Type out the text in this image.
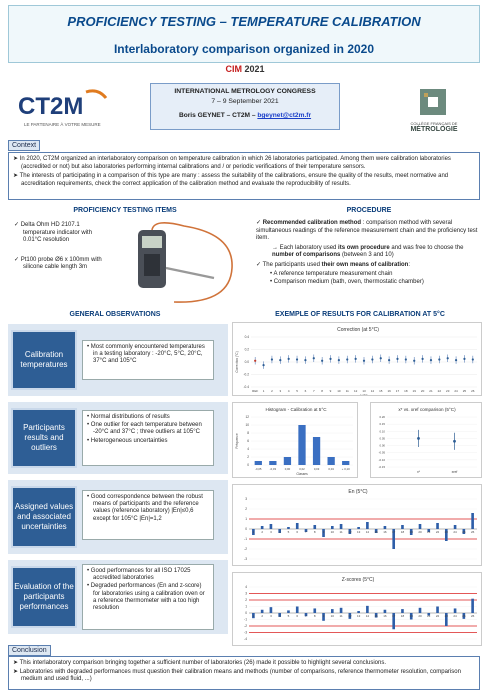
PROFICIENCY TESTING – TEMPERATURE CALIBRATION
Interlaboratory comparison organized in 2020
CIM 2021
CT2M
LE PARTENAIRE À VOTRE MESURE
INTERNATIONAL METROLOGY CONGRESS
7 – 9 September 2021
Boris GEYNET – CT2M – bgeynet@ct2m.fr
COLLÈGE FRANÇAIS DE
MÉTROLOGIE
Context

➤ In 2020, CT2M organized an interlaboratory comparison on temperature calibration in which 26 laboratories participated. Among them were calibration laboratories (accredited or not) but also laboratories performing internal calibrations and / or periodic verifications of their temperature sensors.

➤ The interests of participating in a comparison of this type are many : assess the suitability of the calibrations, ensure the quality of the results, meet normative and accreditation requirements, check the correct application of the calibration method and evaluate the reproducibility of results.

PROFICIENCY TESTING ITEMS

✓ Delta Ohm HD 2107.1 temperature indicator with 0.01°C resolution

✓ Pt100 probe Ø6 x 100mm with silicone cable length 3m

PROCEDURE

✓ Recommended calibration method : comparison method with several simultaneous readings of the reference measurement chain and the proficiency test item.

→ Each laboratory used its own procedure and was free to choose the number of comparisons (between 3 and 10)

✓ The participants used their own means of calibration:

• A reference temperature measurement chain

• Comparison medium (bath, oven, thermostatic chamber)

GENERAL OBSERVATIONS
Calibration temperatures

• Most commonly encountered temperatures in a testing laboratory : -20°C, 5°C, 20°C, 37°C and 105°C

Participants results and outliers

• Normal distributions of results

• One outlier for each temperature between -20°C and 37°C ; three outliers at 105°C

• Heterogeneous uncertainties

Assigned values and associated uncertainties

• Good correspondence between the robust means of participants and the reference values (reference laboratory) |En|≤0,6 except for 105°C |En|=1,2

Evaluation of the participants performances

• Good performances for all ISO 17025 accredited laboratories

• Degraded performances (En and z-score) for laboratories using a calibration oven or a reference thermometer with a too high resolution

EXEMPLE OF RESULTS FOR CALIBRATION AT 5°C
Correction (at 5°C)
-0.4
-0.2
0.0
0.2
0.4
REF 1 2 3 4 5 6 7 8 9 10 11 12 13 14 15 16 17 18 19 20 21 22 23 24 25 26
Correction (°C)
Labs
Histogram - Calibration at 5°C
0
2
4
6
8
10
12
-0,05	-0,03	0,00	0,02	0,03	0,04	+ 0,10
Fréquence
Classes
x* vs. xref comparison (5°C)
-0.15
-0.10
-0.05
0.00
0.05
0.10
0.15
0.20
x*	xref
En (5°C)
-3
-2
-1
0
1
2
3
1 2 3 4 5 6 7 8 9 10 11 12 13 14 15 16 17 18 19 20 21 22 23 24 25 26
Z-scores (5°C)
-4
-3
-2
-1
0
1
2
3
4
1 2 3 4 5 6 7 8 9 10 11 12 13 14 15 16 17 18 19 20 21 22 23 24 25 26
Conclusion

➤ This interlaboratory comparison bringing together a sufficient number of laboratories (26) made it possible to highlight several conclusions.

➤ Laboratories with degraded performances must question their calibration means and methods (number of comparisons, reference thermometer resolution, comparison medium and used fluid, ...)
